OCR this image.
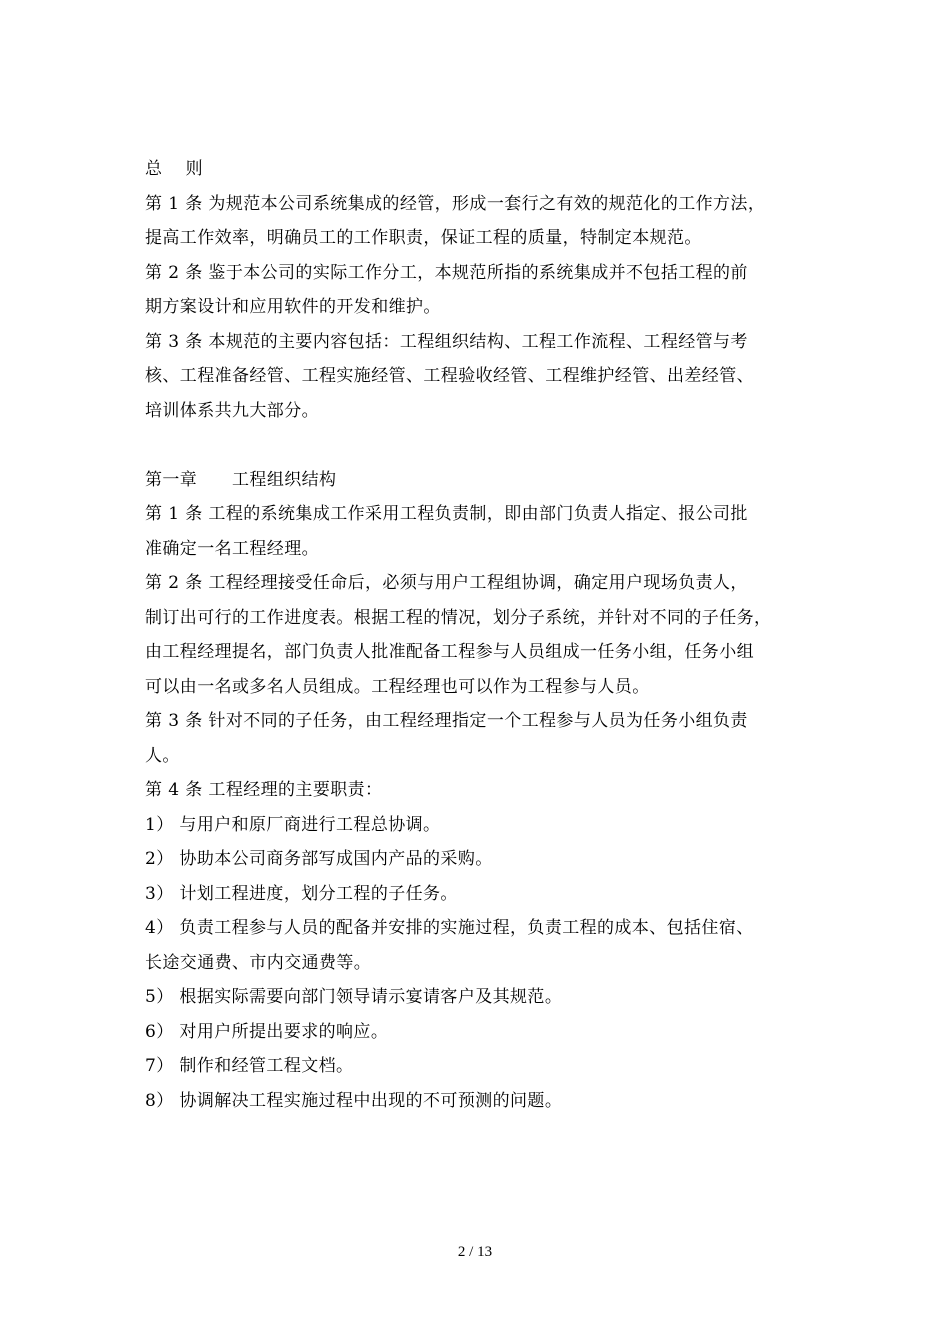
总    则
第 1 条 为规范本公司系统集成的经管，形成一套行之有效的规范化的工作方法，
提高工作效率，明确员工的工作职责，保证工程的质量，特制定本规范。
第 2 条 鉴于本公司的实际工作分工，本规范所指的系统集成并不包括工程的前
期方案设计和应用软件的开发和维护。
第 3 条 本规范的主要内容包括：工程组织结构、工程工作流程、工程经管与考
核、工程准备经管、工程实施经管、工程验收经管、工程维护经管、出差经管、
培训体系共九大部分。
第一章      工程组织结构
第 1 条 工程的系统集成工作采用工程负责制，即由部门负责人指定、报公司批
准确定一名工程经理。
第 2 条 工程经理接受任命后，必须与用户工程组协调，确定用户现场负责人，
制订出可行的工作进度表。根据工程的情况，划分子系统，并针对不同的子任务，
由工程经理提名，部门负责人批准配备工程参与人员组成一任务小组，任务小组
可以由一名或多名人员组成。工程经理也可以作为工程参与人员。
第 3 条 针对不同的子任务，由工程经理指定一个工程参与人员为任务小组负责
人。
第 4 条 工程经理的主要职责：
1） 与用户和原厂商进行工程总协调。
2） 协助本公司商务部写成国内产品的采购。
3） 计划工程进度，划分工程的子任务。
4） 负责工程参与人员的配备并安排的实施过程，负责工程的成本、包括住宿、
长途交通费、市内交通费等。
5） 根据实际需要向部门领导请示宴请客户及其规范。
6） 对用户所提出要求的响应。
7） 制作和经管工程文档。
8） 协调解决工程实施过程中出现的不可预测的问题。
2 / 13
